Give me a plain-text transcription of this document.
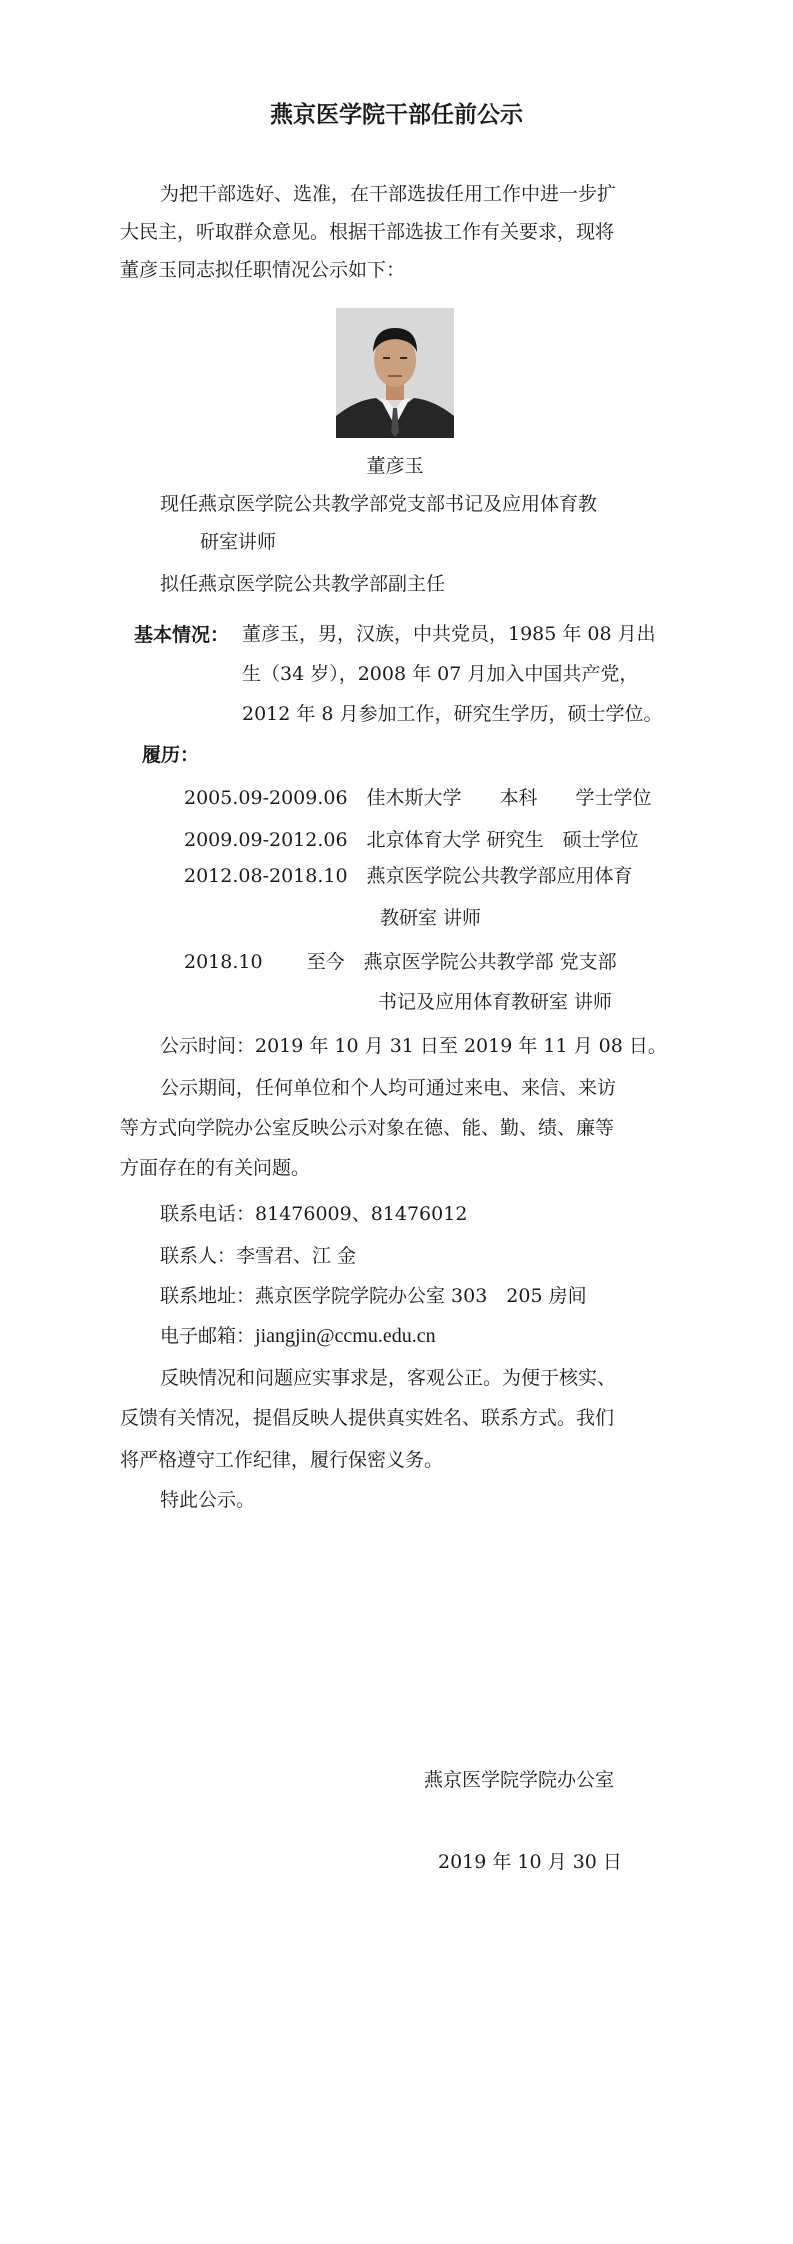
燕京医学院干部任前公示
为把干部选好、选准，在干部选拔任用工作中进一步扩
大民主，听取群众意见。根据干部选拔工作有关要求，现将
董彦玉同志拟任职情况公示如下：
董彦玉
现任燕京医学院公共教学部党支部书记及应用体育教
研室讲师
拟任燕京医学院公共教学部副主任
基本情况： 董彦玉，男，汉族，中共党员，1985 年 08 月出
生（34 岁），2008 年 07 月加入中国共产党，
2012 年 8 月参加工作，研究生学历，硕士学位。
履历：
2005.09-2009.06　佳木斯大学　　本科　　学士学位
2009.09-2012.06　北京体育大学 研究生　硕士学位
2012.08-2018.10　燕京医学院公共教学部应用体育
教研室 讲师
2018.10　　 至今　燕京医学院公共教学部 党支部
书记及应用体育教研室 讲师
公示时间：2019 年 10 月 31 日至 2019 年 11 月 08 日。
公示期间，任何单位和个人均可通过来电、来信、来访
等方式向学院办公室反映公示对象在德、能、勤、绩、廉等
方面存在的有关问题。
联系电话：81476009、81476012
联系人：李雪君、江 金
联系地址：燕京医学院学院办公室 303　205 房间
电子邮箱：jiangjin@ccmu.edu.cn
反映情况和问题应实事求是，客观公正。为便于核实、
反馈有关情况，提倡反映人提供真实姓名、联系方式。我们
将严格遵守工作纪律，履行保密义务。
特此公示。
燕京医学院学院办公室
2019 年 10 月 30 日
